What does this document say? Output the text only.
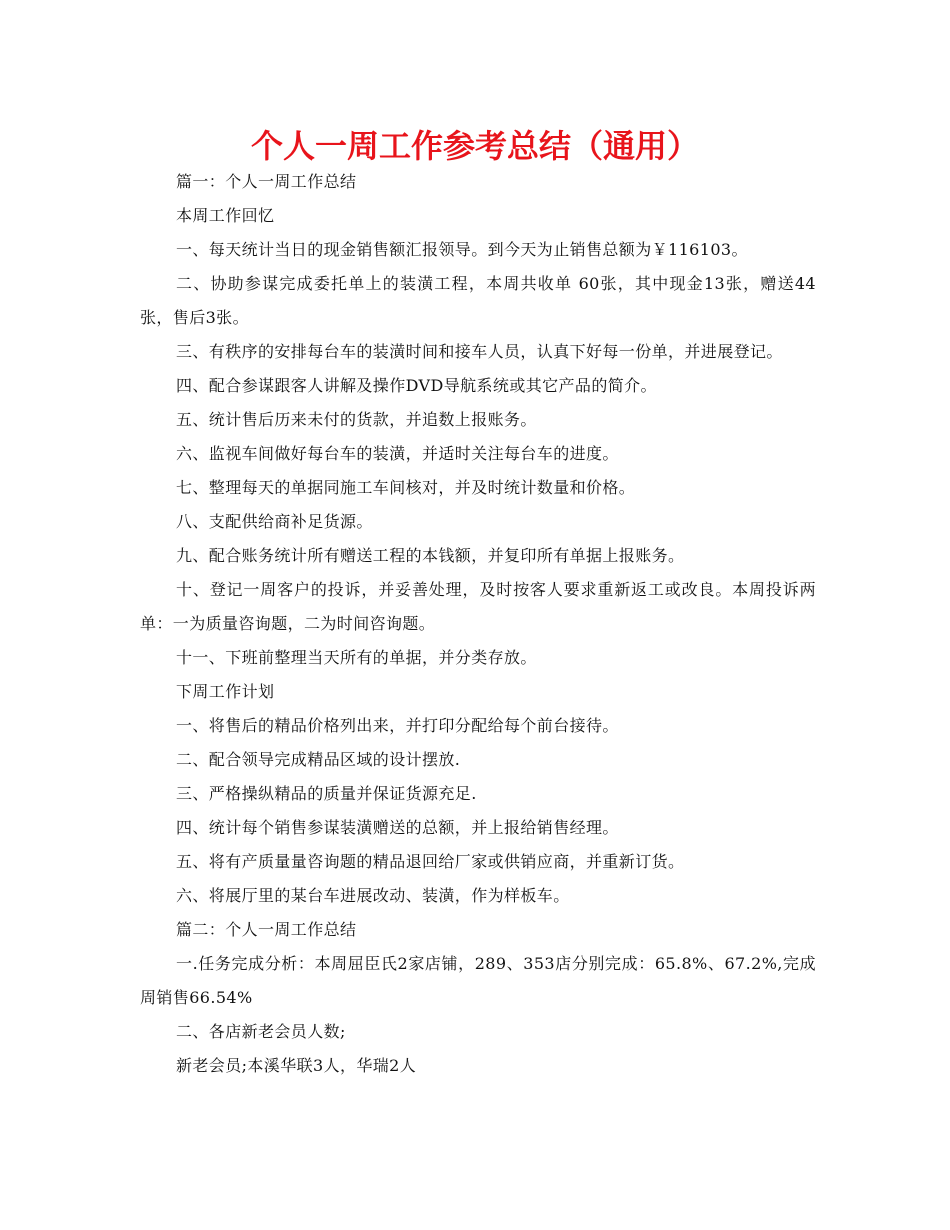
个人一周工作参考总结（通用）

篇一：个人一周工作总结

本周工作回忆

一、每天统计当日的现金销售额汇报领导。到今天为止销售总额为￥116103。

二、协助参谋完成委托单上的装潢工程，本周共收单 60张，其中现金13张，赠送44张，售后3张。

三、有秩序的安排每台车的装潢时间和接车人员，认真下好每一份单，并进展登记。

四、配合参谋跟客人讲解及操作DVD导航系统或其它产品的简介。

五、统计售后历来未付的货款，并追数上报账务。

六、监视车间做好每台车的装潢，并适时关注每台车的进度。

七、整理每天的单据同施工车间核对，并及时统计数量和价格。

八、支配供给商补足货源。

九、配合账务统计所有赠送工程的本钱额，并复印所有单据上报账务。

十、登记一周客户的投诉，并妥善处理，及时按客人要求重新返工或改良。本周投诉两单：一为质量咨询题，二为时间咨询题。

十一、下班前整理当天所有的单据，并分类存放。

下周工作计划

一、将售后的精品价格列出来，并打印分配给每个前台接待。

二、配合领导完成精品区域的设计摆放.

三、严格操纵精品的质量并保证货源充足.

四、统计每个销售参谋装潢赠送的总额，并上报给销售经理。

五、将有产质量量咨询题的精品退回给厂家或供销应商，并重新订货。

六、将展厅里的某台车进展改动、装潢，作为样板车。

篇二：个人一周工作总结

一.任务完成分析：本周屈臣氏2家店铺，289、353店分别完成：65.8%、67.2%,完成周销售66.54%

二、各店新老会员人数;

新老会员;本溪华联3人，华瑞2人
